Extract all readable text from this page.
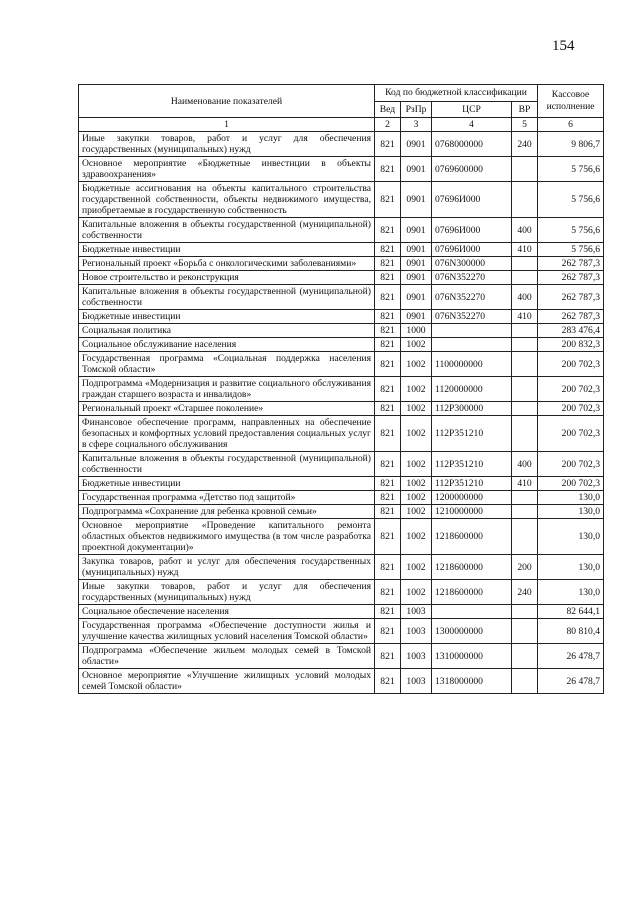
154
Наименование показателей	Код по бюджетной классификации				Кассовое
исполнение

	Вед	РзПр	ЦСР	ВР	
1	2	3	4	5	6
Иные закупки товаров, работ и услуг для обеспечения государственных (муниципальных) нужд	821	0901	0768000000	240	9 806,7
Основное мероприятие «Бюджетные инвестиции в объекты здравоохранения»	821	0901	0769600000		5 756,6
Бюджетные ассигнования на объекты капитального строительства государственной собственности, объекты недвижимого имущества, приобретаемые в государственную собственность	821	0901	07696И000		5 756,6
Капитальные вложения в объекты государственной (муниципальной) собственности	821	0901	07696И000	400	5 756,6
Бюджетные инвестиции	821	0901	07696И000	410	5 756,6
Региональный проект «Борьба с онкологическими заболеваниями»	821	0901	076N300000		262 787,3
Новое строительство и реконструкция	821	0901	076N352270		262 787,3
Капитальные вложения в объекты государственной (муниципальной) собственности	821	0901	076N352270	400	262 787,3
Бюджетные инвестиции	821	0901	076N352270	410	262 787,3
Социальная политика	821	1000			283 476,4
Социальное обслуживание населения	821	1002			200 832,3
Государственная программа «Социальная поддержка населения Томской области»	821	1002	1100000000		200 702,3
Подпрограмма «Модернизация и развитие социального обслуживания граждан старшего возраста и инвалидов»	821	1002	1120000000		200 702,3
Региональный проект «Старшее поколение»	821	1002	112P300000		200 702,3
Финансовое обеспечение программ, направленных на обеспечение безопасных и комфортных условий предоставления социальных услуг в сфере социального обслуживания	821	1002	112P351210		200 702,3
Капитальные вложения в объекты государственной (муниципальной) собственности	821	1002	112P351210	400	200 702,3
Бюджетные инвестиции	821	1002	112P351210	410	200 702,3
Государственная программа «Детство под защитой»	821	1002	1200000000		130,0
Подпрограмма «Сохранение для ребенка кровной семьи»	821	1002	1210000000		130,0
Основное мероприятие «Проведение капитального ремонта областных объектов недвижимого имущества (в том числе разработка проектной документации)»	821	1002	1218600000		130,0
Закупка товаров, работ и услуг для обеспечения государственных (муниципальных) нужд	821	1002	1218600000	200	130,0
Иные закупки товаров, работ и услуг для обеспечения государственных (муниципальных) нужд	821	1002	1218600000	240	130,0
Социальное обеспечение населения	821	1003			82 644,1
Государственная программа «Обеспечение доступности жилья и улучшение качества жилищных условий населения Томской области»	821	1003	1300000000		80 810,4
Подпрограмма «Обеспечение жильем молодых семей в Томской области»	821	1003	1310000000		26 478,7
Основное мероприятие «Улучшение жилищных условий молодых семей Томской области»	821	1003	1318000000		26 478,7
